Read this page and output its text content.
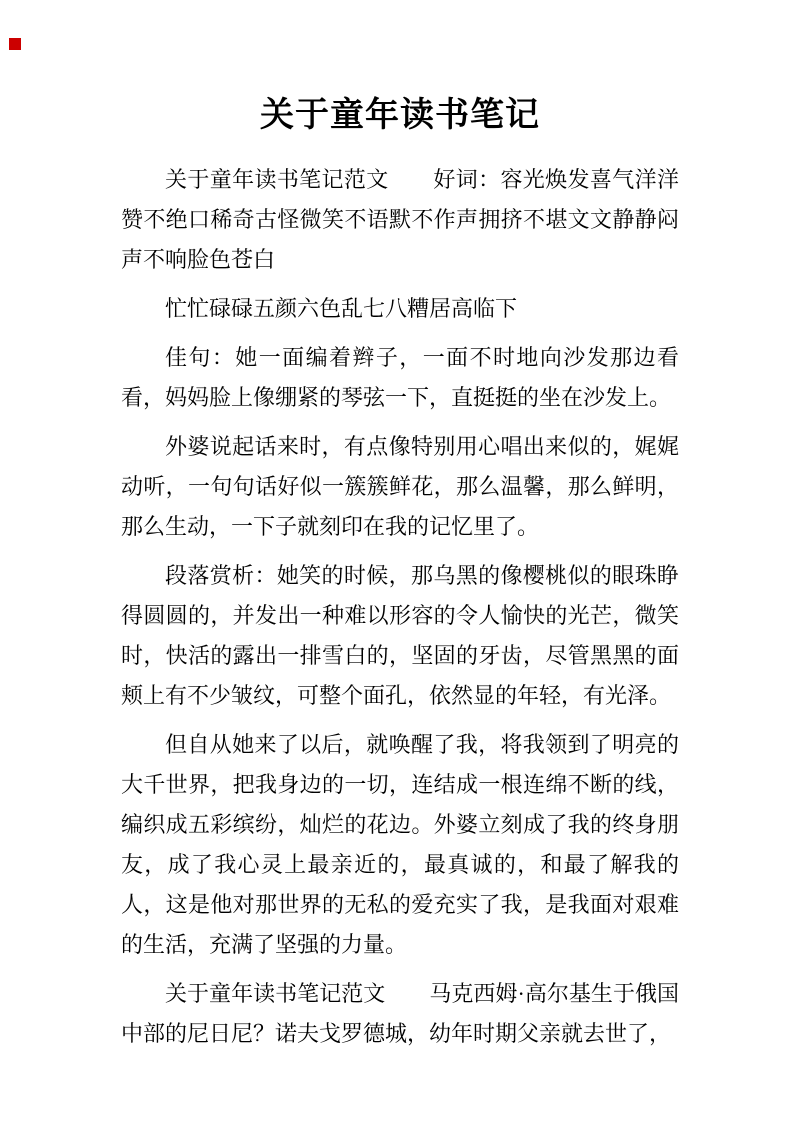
关于童年读书笔记

关于童年读书笔记范文　　好词：容光焕发喜气洋洋赞不绝口稀奇古怪微笑不语默不作声拥挤不堪文文静静闷声不响脸色苍白

忙忙碌碌五颜六色乱七八糟居高临下

佳句：她一面编着辫子，一面不时地向沙发那边看看，妈妈脸上像绷紧的琴弦一下，直挺挺的坐在沙发上。

外婆说起话来时，有点像特别用心唱出来似的，娓娓动听，一句句话好似一簇簇鲜花，那么温馨，那么鲜明，那么生动，一下子就刻印在我的记忆里了。

段落赏析：她笑的时候，那乌黑的像樱桃似的眼珠睁得圆圆的，并发出一种难以形容的令人愉快的光芒，微笑时，快活的露出一排雪白的，坚固的牙齿，尽管黑黑的面颊上有不少皱纹，可整个面孔，依然显的年轻，有光泽。

但自从她来了以后，就唤醒了我，将我领到了明亮的大千世界，把我身边的一切，连结成一根连绵不断的线，编织成五彩缤纷，灿烂的花边。外婆立刻成了我的终身朋友，成了我心灵上最亲近的，最真诚的，和最了解我的人，这是他对那世界的无私的爱充实了我，是我面对艰难的生活，充满了坚强的力量。

关于童年读书笔记范文　　马克西姆·高尔基生于俄国中部的尼日尼？诺夫戈罗德城，幼年时期父亲就去世了，
